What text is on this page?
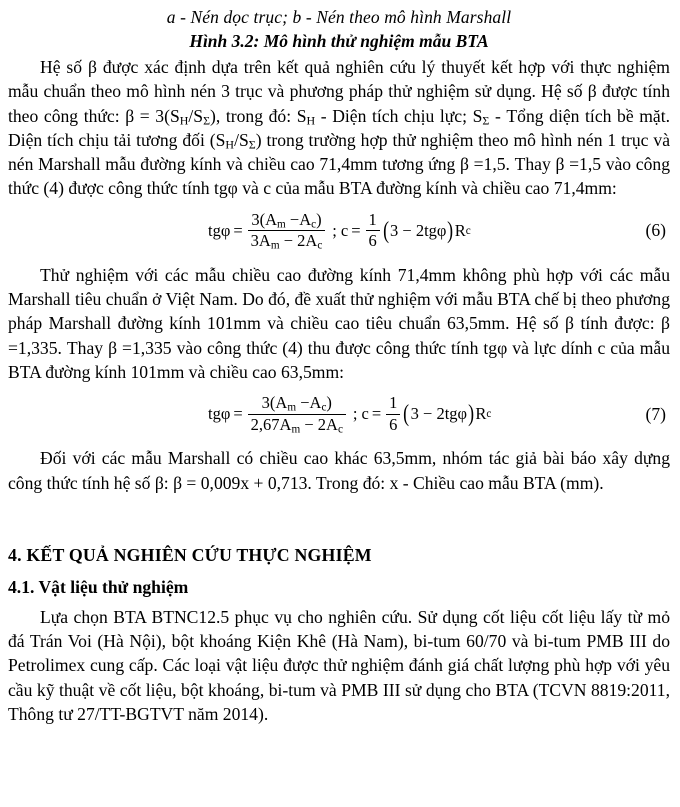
a - Nén dọc trục; b - Nén theo mô hình Marshall
Hình 3.2: Mô hình thử nghiệm mẫu BTA

Hệ số β được xác định dựa trên kết quả nghiên cứu lý thuyết kết hợp với thực nghiệm mẫu chuẩn theo mô hình nén 3 trục và phương pháp thử nghiệm sử dụng. Hệ số β được tính theo công thức: $\beta = 3(S_H/S_\Sigma)$, trong đó: $S_H$ - Diện tích chịu lực; $S_\Sigma$ - Tổng diện tích bề mặt. Diện tích chịu tải tương đối $(S_H/S_\Sigma)$ trong trường hợp thử nghiệm theo mô hình nén 1 trục và nén Marshall mẫu đường kính và chiều cao 71,4mm tương ứng β =1,5. Thay β =1,5 vào công thức (4) được công thức tính tgφ và c của mẫu BTA đường kính và chiều cao 71,4mm:

$tg\varphi = \frac{3(A_m -A_c)}{3A_m - 2A_c}$ ; $c = \frac{1}{6}$ ( 3 − 2tgφ ) R c	(6)

Thử nghiệm với các mẫu chiều cao đường kính 71,4mm không phù hợp với các mẫu Marshall tiêu chuẩn ở Việt Nam. Do đó, đề xuất thử nghiệm với mẫu BTA chế bị theo phương pháp Marshall đường kính 101mm và chiều cao tiêu chuẩn 63,5mm. Hệ số β tính được: β =1,335. Thay β =1,335 vào công thức (4) thu được công thức tính tgφ và lực dính c của mẫu BTA đường kính 101mm và chiều cao 63,5mm:

$tg\varphi = \frac{3(A_m -A_c)}{2,67A_m - 2A_c}$ ; $c = \frac{1}{6}$ ( 3 − 2tgφ ) R c	(7)

Đối với các mẫu Marshall có chiều cao khác 63,5mm, nhóm tác giả bài báo xây dựng công thức tính hệ số β: β = 0,009x + 0,713. Trong đó: x - Chiều cao mẫu BTA (mm).

4. KẾT QUẢ NGHIÊN CỨU THỰC NGHIỆM
4.1. Vật liệu thử nghiệm

Lựa chọn BTA BTNC12.5 phục vụ cho nghiên cứu. Sử dụng cốt liệu cốt liệu lấy từ mỏ đá Trán Voi (Hà Nội), bột khoáng Kiện Khê (Hà Nam), bi-tum 60/70 và bi-tum PMB III do Petrolimex cung cấp. Các loại vật liệu được thử nghiệm đánh giá chất lượng phù hợp với yêu cầu kỹ thuật về cốt liệu, bột khoáng, bi-tum và PMB III sử dụng cho BTA (TCVN 8819:2011, Thông tư 27/TT-BGTVT năm 2014).
